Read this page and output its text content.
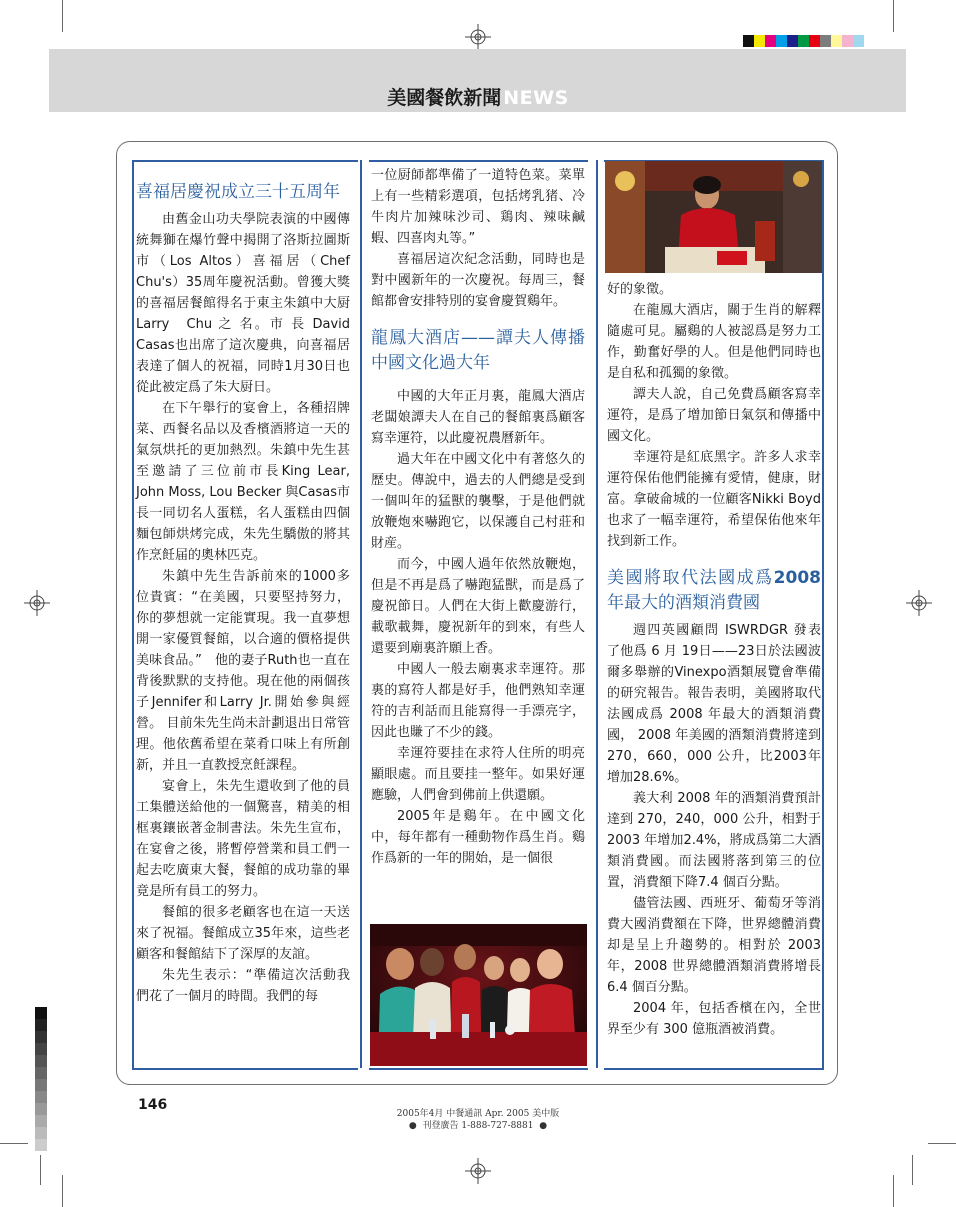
美國餐飲新聞 NEWS
喜福居慶祝成立三十五周年

由舊金山功夫學院表演的中國傳統舞獅在爆竹聲中揭開了洛斯拉圖斯市（Los Altos）喜福居（Chef Chu's）35周年慶祝活動。曾獲大獎的喜福居餐館得名于東主朱鎮中大厨 Larry　Chu 之 名。市 長 David Casas也出席了這次慶典，向喜福居表達了個人的祝福，同時1月30日也從此被定爲了朱大厨日。

在下午舉行的宴會上，各種招牌菜、西餐名品以及香檳酒將這一天的氣氛烘托的更加熱烈。朱鎮中先生甚至邀請了三位前市長King Lear, John Moss, Lou Becker 與Casas市長一同切名人蛋糕，名人蛋糕由四個麵包師烘烤完成，朱先生驕傲的將其作烹飪届的奧林匹克。

朱鎮中先生告訴前來的1000多位貴賓：“在美國，只要堅持努力，你的夢想就一定能實現。我一直夢想開一家優質餐館，以合適的價格提供美味食品。”　他的妻子Ruth也一直在背後默默的支持他。現在他的兩個孩子Jennifer和Larry Jr.開始參與經營。 目前朱先生尚未計劃退出日常管理。他依舊希望在菜肴口味上有所創新，并且一直教授烹飪課程。

宴會上，朱先生還收到了他的員工集體送給他的一個驚喜，精美的相框裏鑲嵌著金制書法。朱先生宣布，在宴會之後，將暫停營業和員工們一起去吃廣東大餐，餐館的成功靠的畢竟是所有員工的努力。

餐館的很多老顧客也在這一天送來了祝福。餐館成立35年來，這些老顧客和餐館結下了深厚的友誼。

朱先生表示：“準備這次活動我們花了一個月的時間。我們的每

一位厨師都準備了一道特色菜。菜單上有一些精彩選項，包括烤乳猪、冷牛肉片加辣味沙司、鶏肉、辣味鹹蝦、四喜肉丸等。”

喜福居這次紀念活動，同時也是對中國新年的一次慶祝。每周三，餐館都會安排特別的宴會慶賀鷄年。

龍鳳大酒店——譚夫人傳播中國文化過大年

中國的大年正月裏，龍鳳大酒店老闆娘譚夫人在自己的餐館裏爲顧客寫幸運符，以此慶祝農曆新年。

過大年在中國文化中有著悠久的歷史。傳說中，過去的人們總是受到一個叫年的猛獸的襲擊，于是他們就放鞭炮來嚇跑它，以保護自己村莊和財産。

而今，中國人過年依然放鞭炮，但是不再是爲了嚇跑猛獸，而是爲了慶祝節日。人們在大街上歡慶游行，載歌載舞，慶祝新年的到來，有些人還要到廟裏許願上香。

中國人一般去廟裏求幸運符。那裏的寫符人都是好手，他們熟知幸運符的吉利話而且能寫得一手漂亮字，因此也賺了不少的錢。

幸運符要挂在求符人住所的明亮顯眼處。而且要挂一整年。如果好運應驗，人們會到佛前上供還願。

2005年是鷄年。在中國文化中，每年都有一種動物作爲生肖。鷄作爲新的一年的開始，是一個很

好的象徵。

在龍鳳大酒店，關于生肖的解釋隨處可見。屬鷄的人被認爲是努力工作，勤奮好學的人。但是他們同時也是自私和孤獨的象徵。

譚夫人說，自己免費爲顧客寫幸運符，是爲了增加節日氣氛和傳播中國文化。

幸運符是紅底黑字。許多人求幸運符保佑他們能擁有愛情，健康，財富。拿破侖城的一位顧客Nikki Boyd也求了一幅幸運符，希望保佑他來年找到新工作。

美國將取代法國成爲2008年最大的酒類消費國

週四英國顧問 ISWRDGR 發表了他爲 6 月 19日——23日於法國波爾多舉辦的Vinexpo酒類展覽會準備的研究報告。報告表明，美國將取代法國成爲 2008 年最大的酒類消費國， 2008 年美國的酒類消費將達到 270，660，000 公升，比2003年增加28.6%。

義大利 2008 年的酒類消費預計達到 270，240，000 公升，相對于 2003 年增加2.4%，將成爲第二大酒類消費國。而法國將落到第三的位置，消費額下降7.4 個百分點。

儘管法國、西班牙、葡萄牙等消費大國消費額在下降，世界總體消費却是呈上升趨勢的。相對於 2003 年，2008 世界總體酒類消費將增長 6.4 個百分點。

2004 年，包括香檳在內，全世界至少有 300 億瓶酒被消費。

146
2005年4月 中餐通訊 Apr. 2005 美中版
● 刊登廣告 1-888-727-8881 ●
